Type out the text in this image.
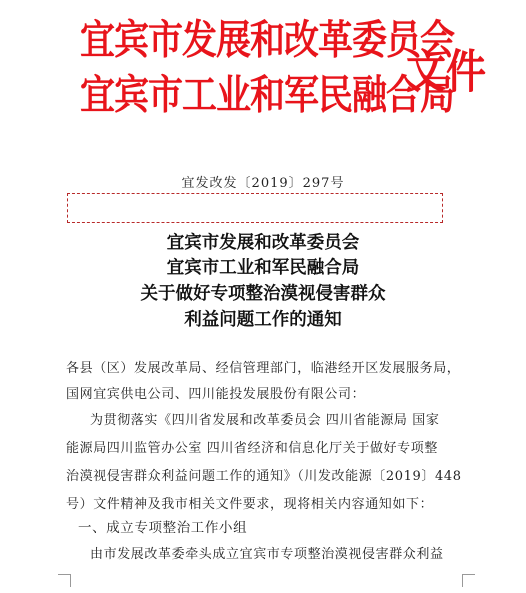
宜宾市发展和改革委员会
宜宾市工业和军民融合局
文件
宜发改发〔2019〕297号
宜宾市发展和改革委员会
宜宾市工业和军民融合局
关于做好专项整治漠视侵害群众
利益问题工作的通知
各县（区）发展改革局、经信管理部门，临港经开区发展服务局，
国网宜宾供电公司、四川能投发展股份有限公司：
为贯彻落实《四川省发展和改革委员会 四川省能源局 国家
能源局四川监管办公室 四川省经济和信息化厅关于做好专项整
治漠视侵害群众利益问题工作的通知》（川发改能源〔2019〕448
号）文件精神及我市相关文件要求，现将相关内容通知如下：
一、成立专项整治工作小组
由市发展改革委牵头成立宜宾市专项整治漠视侵害群众利益
